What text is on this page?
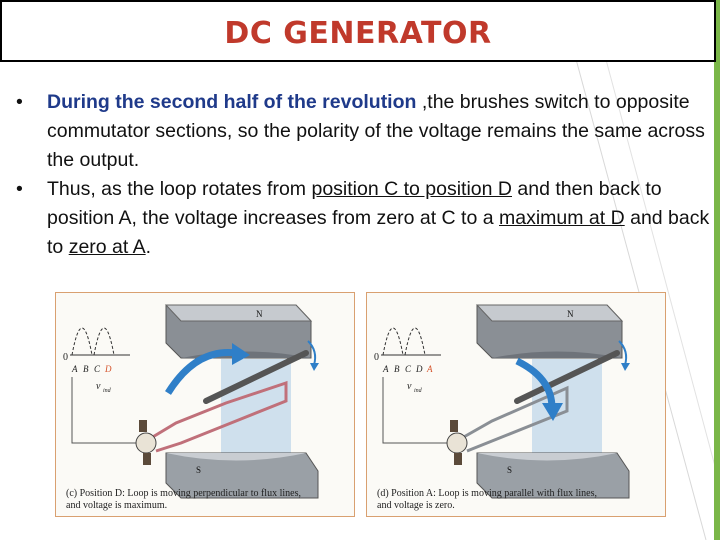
DC GENERATOR
• During the second half of the revolution ,the brushes switch to opposite commutator sections, so the polarity of the voltage remains the same across the output.
• Thus, as the loop rotates from position C to position D and then back to position A, the voltage increases from zero at C to a maximum at D and back to zero at A.
0
A B C D
v ind
N
S
(c) Position D: Loop is moving perpendicular to flux lines,
and voltage is maximum.
0
A B C D A
v ind
N
S
(d) Position A: Loop is moving parallel with flux lines,
and voltage is zero.
